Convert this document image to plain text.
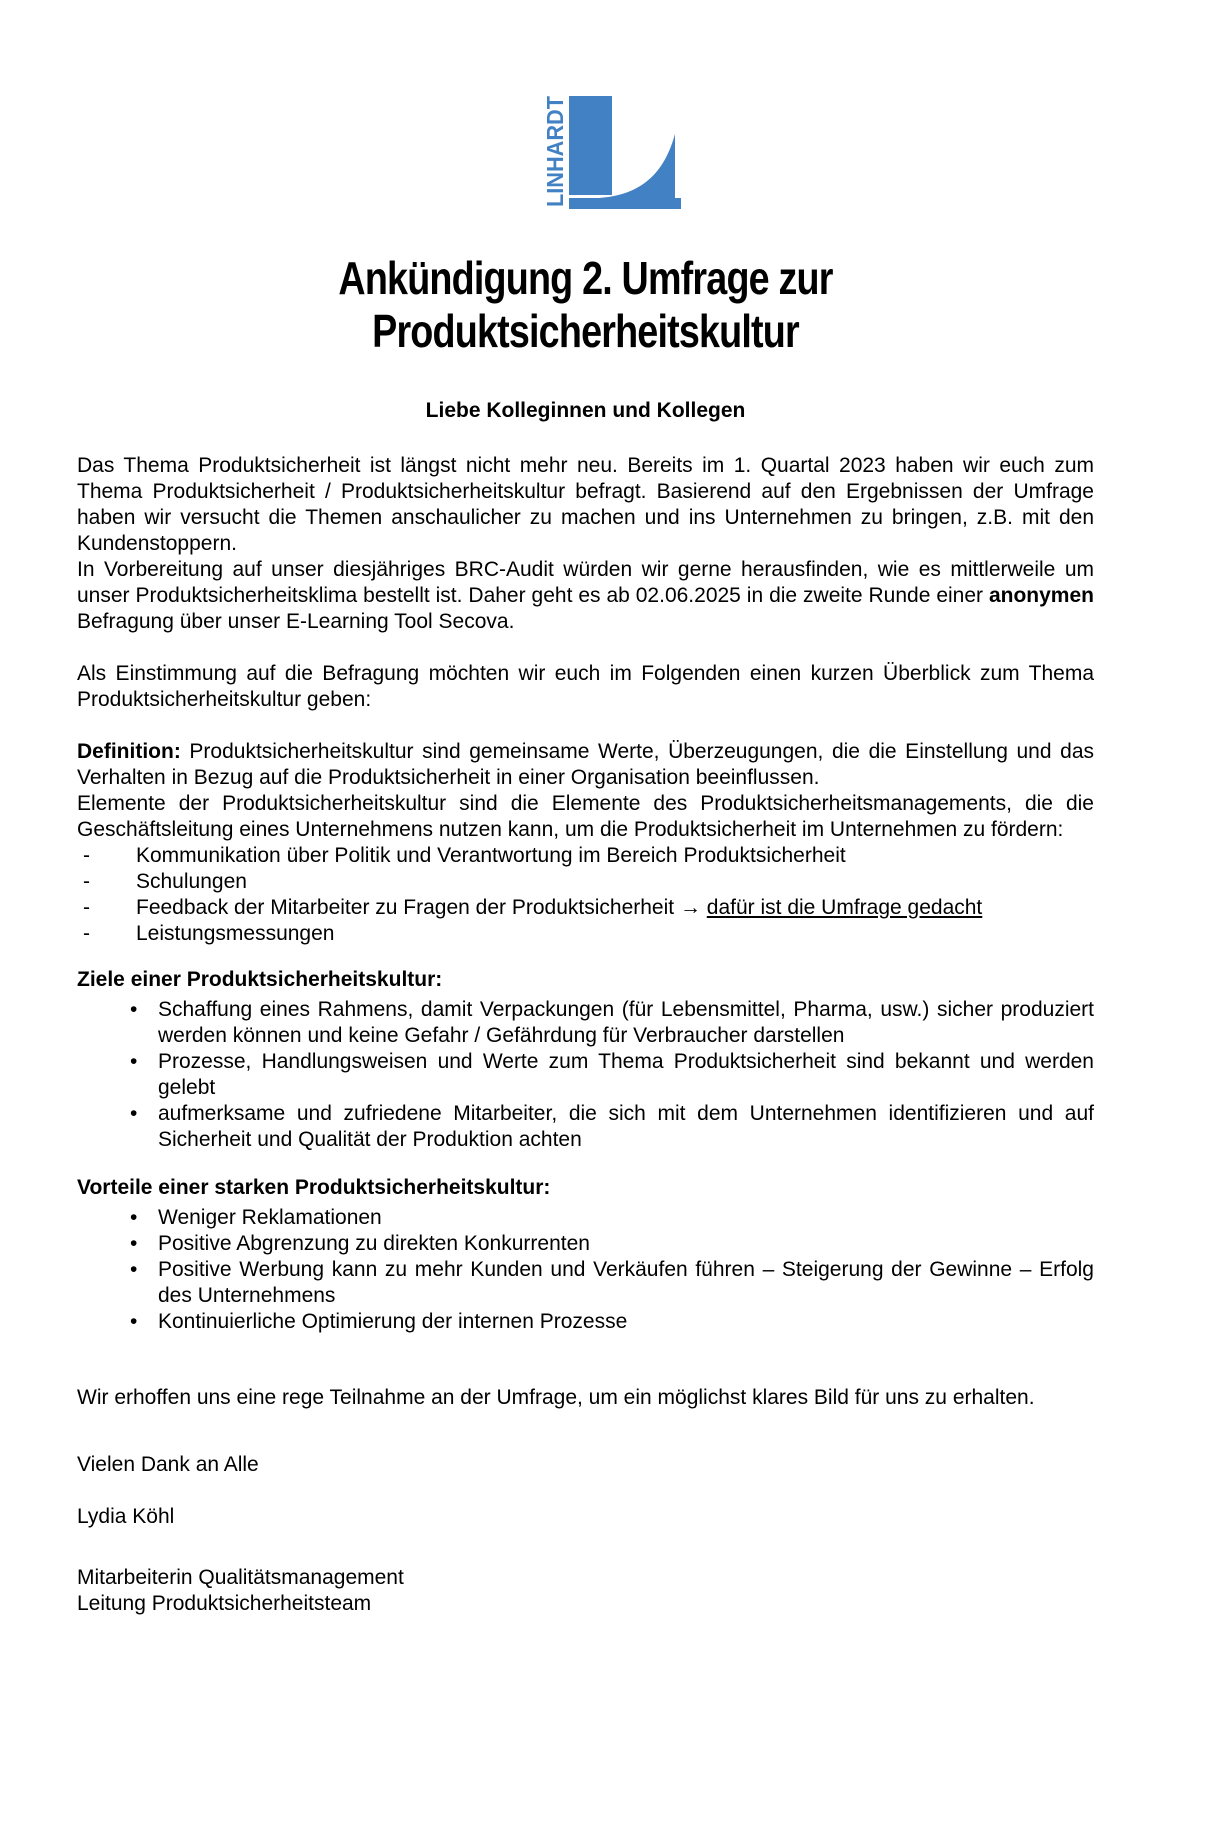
LINHARDT
Ankündigung 2. Umfrage zur
Produktsicherheitskultur

Liebe Kolleginnen und Kollegen

Das Thema Produktsicherheit ist längst nicht mehr neu. Bereits im 1. Quartal 2023 haben wir euch zum Thema Produktsicherheit / Produktsicherheitskultur befragt. Basierend auf den Ergebnissen der Umfrage haben wir versucht die Themen anschaulicher zu machen und ins Unternehmen zu bringen, z.B. mit den Kundenstoppern.

In Vorbereitung auf unser diesjähriges BRC-Audit würden wir gerne herausfinden, wie es mittlerweile um unser Produktsicherheitsklima bestellt ist. Daher geht es ab 02.06.2025 in die zweite Runde einer anonymen Befragung über unser E-Learning Tool Secova.

Als Einstimmung auf die Befragung möchten wir euch im Folgenden einen kurzen Überblick zum Thema Produktsicherheitskultur geben:

Definition: Produktsicherheitskultur sind gemeinsame Werte, Überzeugungen, die die Einstellung und das Verhalten in Bezug auf die Produktsicherheit in einer Organisation beeinflussen.

Elemente der Produktsicherheitskultur sind die Elemente des Produktsicherheitsmanagements, die die Geschäftsleitung eines Unternehmens nutzen kann, um die Produktsicherheit im Unternehmen zu fördern:

-	Kommunikation über Politik und Verantwortung im Bereich Produktsicherheit
-	Schulungen
-	Feedback der Mitarbeiter zu Fragen der Produktsicherheit → dafür ist die Umfrage gedacht
-	Leistungsmessungen

Ziele einer Produktsicherheitskultur:

• Schaffung eines Rahmens, damit Verpackungen (für Lebensmittel, Pharma, usw.) sicher produziert werden können und keine Gefahr / Gefährdung für Verbraucher darstellen
• Prozesse, Handlungsweisen und Werte zum Thema Produktsicherheit sind bekannt und werden gelebt
• aufmerksame und zufriedene Mitarbeiter, die sich mit dem Unternehmen identifizieren und auf Sicherheit und Qualität der Produktion achten

Vorteile einer starken Produktsicherheitskultur:

• Weniger Reklamationen
• Positive Abgrenzung zu direkten Konkurrenten
• Positive Werbung kann zu mehr Kunden und Verkäufen führen – Steigerung der Gewinne – Erfolg des Unternehmens
• Kontinuierliche Optimierung der internen Prozesse

Wir erhoffen uns eine rege Teilnahme an der Umfrage, um ein möglichst klares Bild für uns zu erhalten.

Vielen Dank an Alle

Lydia Köhl

Mitarbeiterin Qualitätsmanagement

Leitung Produktsicherheitsteam
